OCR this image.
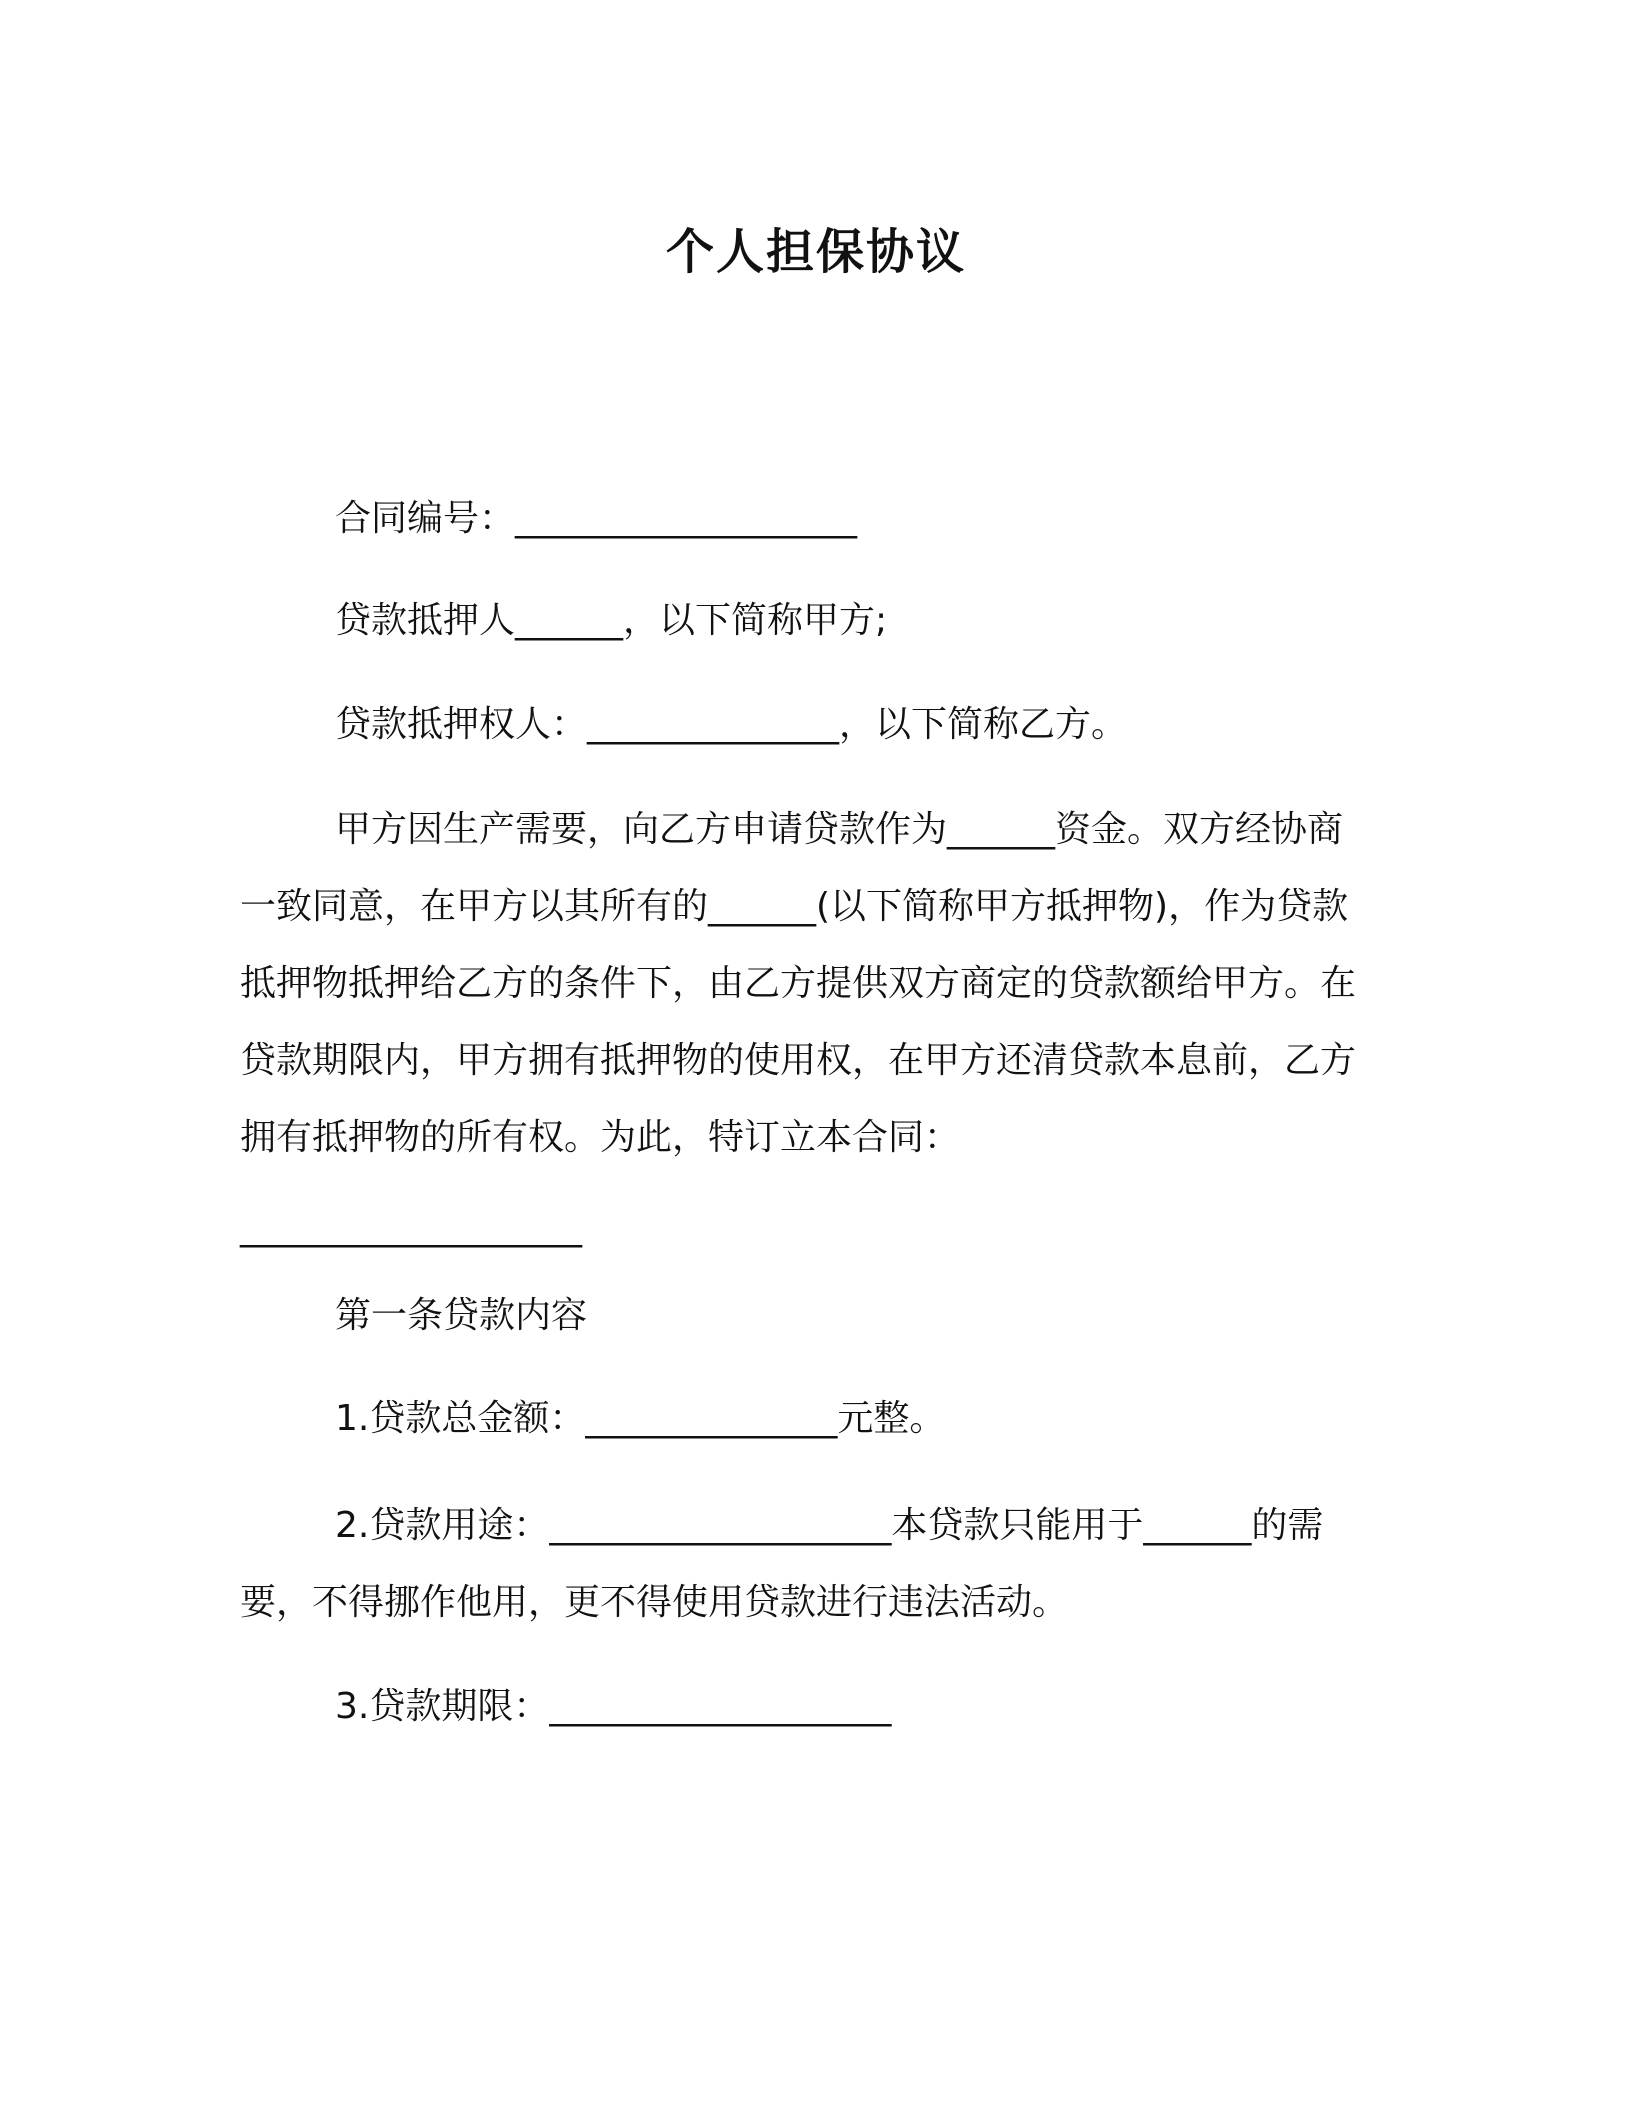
个人担保协议
合同编号：___________________
贷款抵押人______，以下简称甲方;
贷款抵押权人：______________，以下简称乙方。

甲方因生产需要，向乙方申请贷款作为______资金。双方经协商一致同意，在甲方以其所有的______(以下简称甲方抵押物)，作为贷款抵押物抵押给乙方的条件下，由乙方提供双方商定的贷款额给甲方。在贷款期限内，甲方拥有抵押物的使用权，在甲方还清贷款本息前，乙方拥有抵押物的所有权。为此，特订立本合同：

___________________
第一条贷款内容
1.贷款总金额：______________元整。

2.贷款用途：___________________本贷款只能用于______的需要，不得挪作他用，更不得使用贷款进行违法活动。

3.贷款期限：___________________
